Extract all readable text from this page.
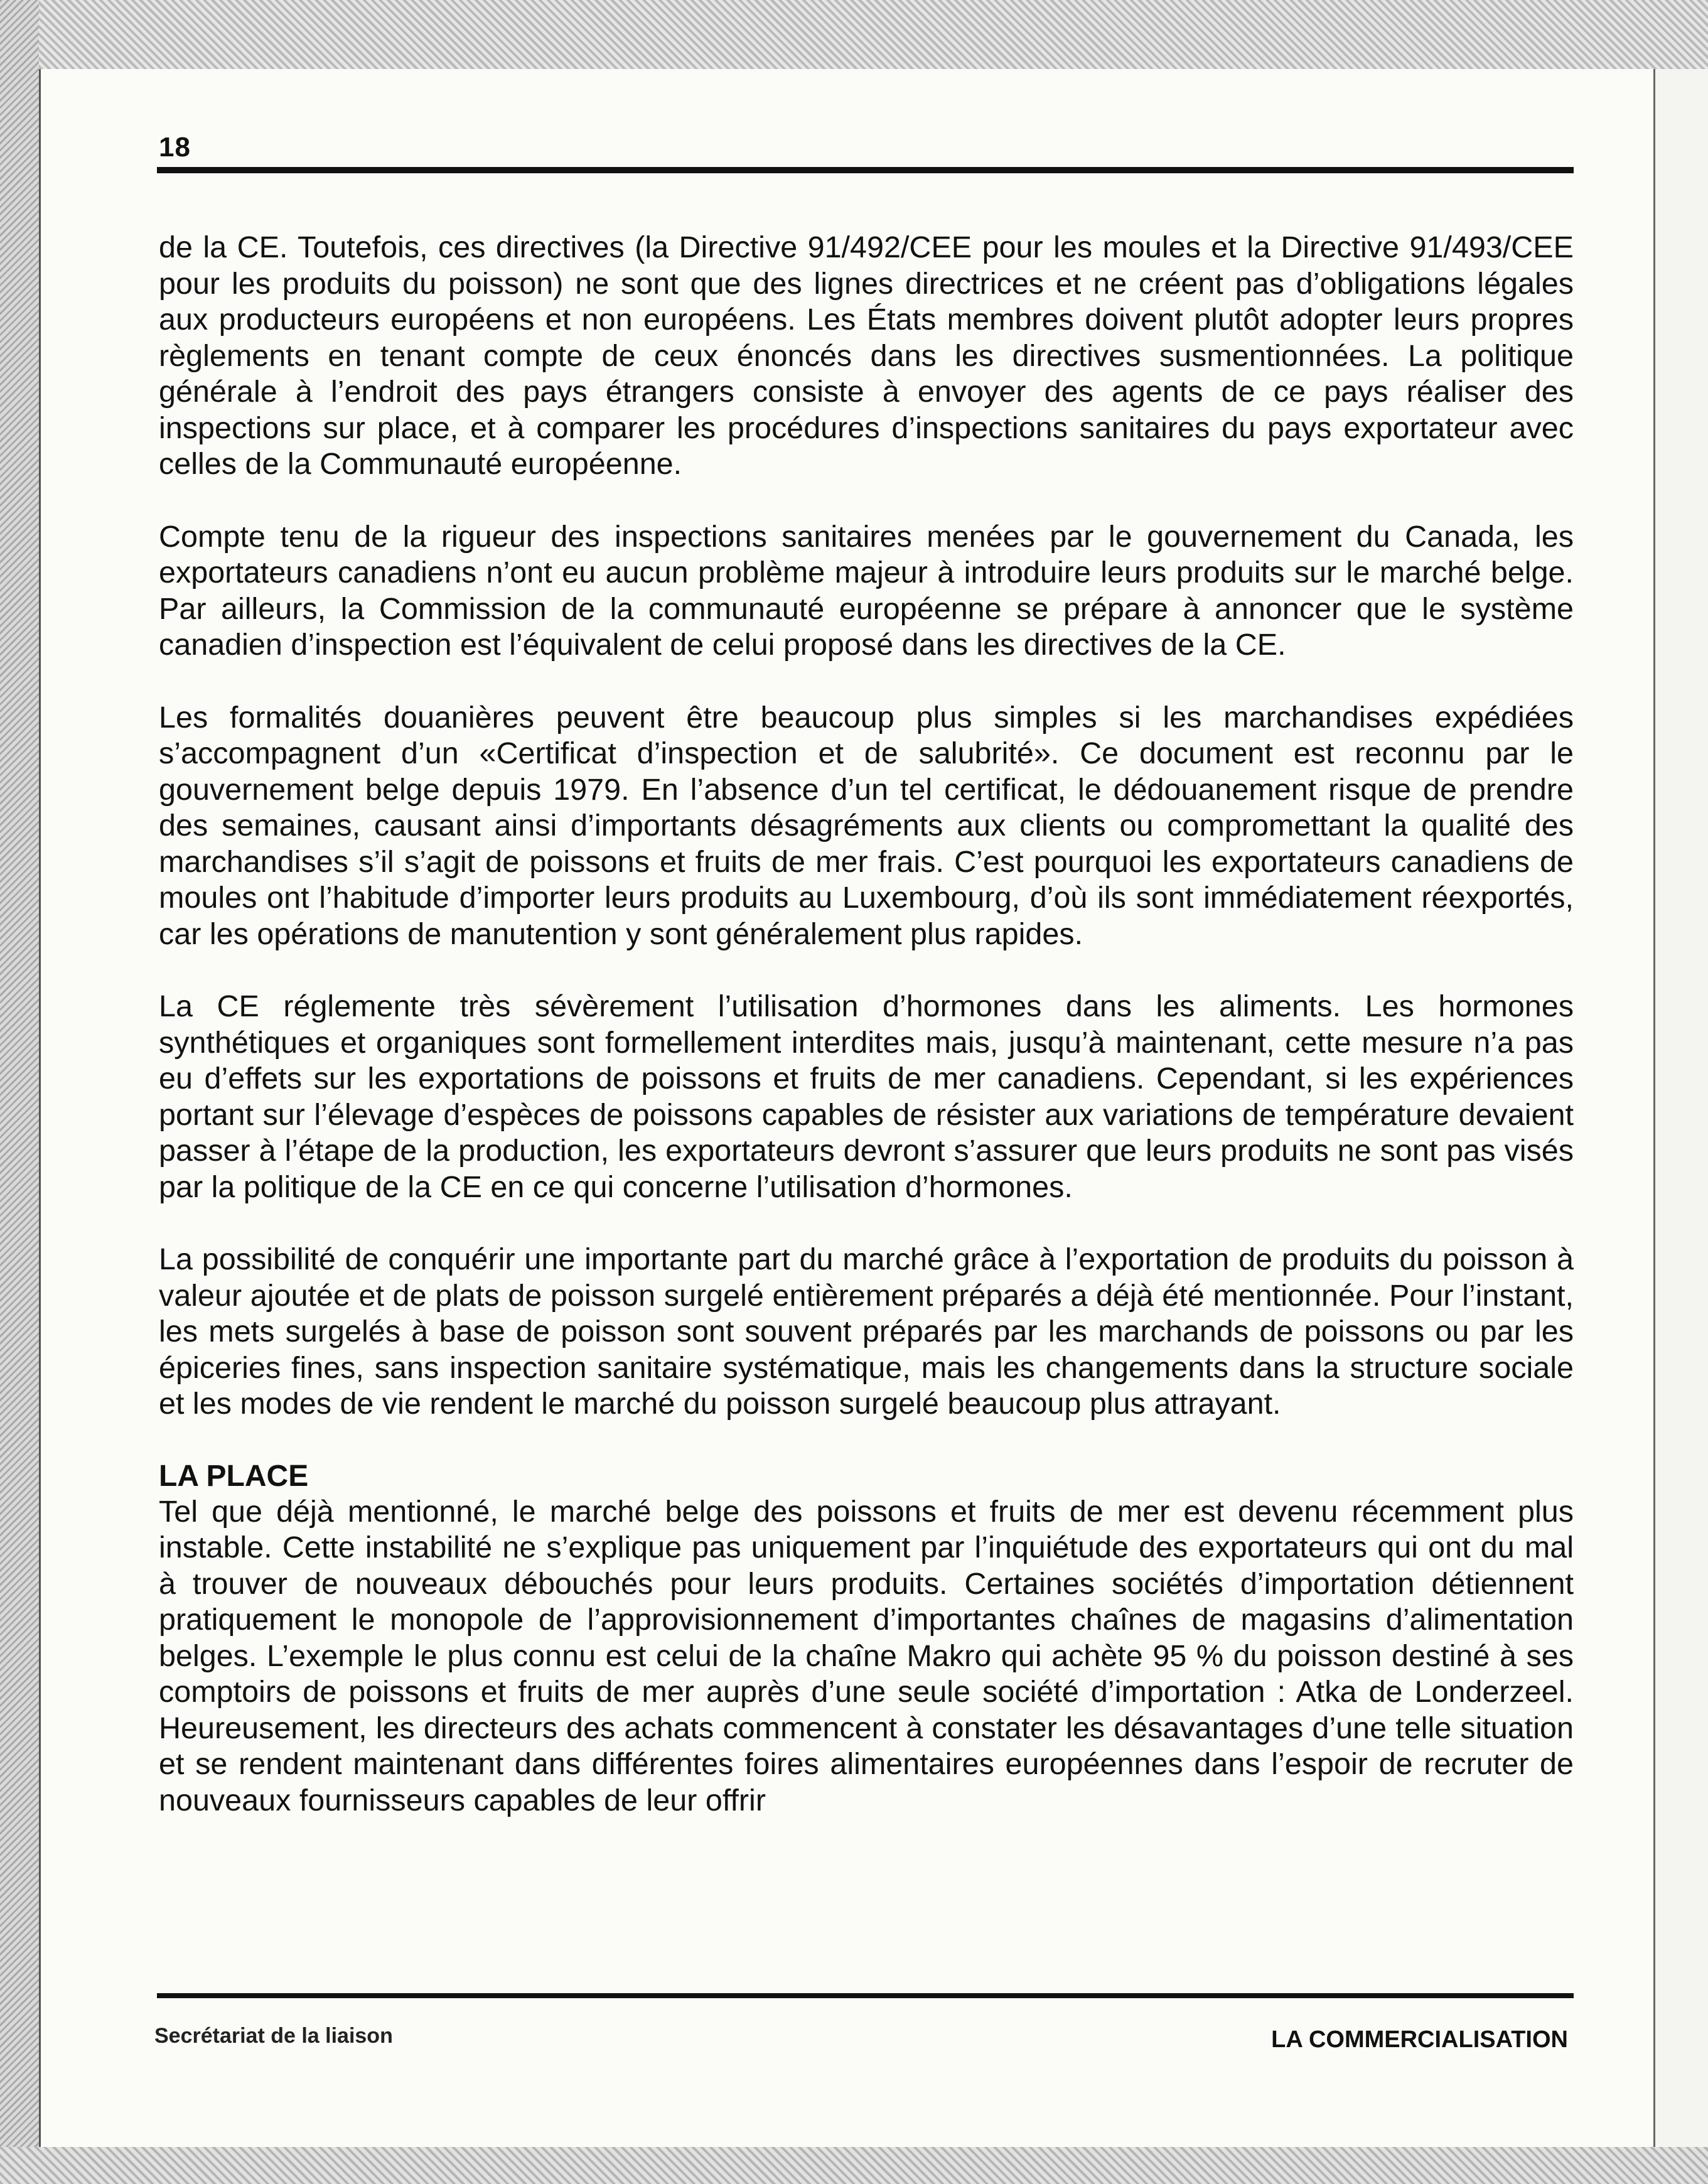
18

de la CE. Toutefois, ces directives (la Directive 91/492/CEE pour les moules et la Directive 91/493/CEE pour les produits du poisson) ne sont que des lignes directrices et ne créent pas d’obligations légales aux producteurs européens et non européens. Les États membres doivent plutôt adopter leurs propres règlements en tenant compte de ceux énoncés dans les directives susmentionnées. La politique générale à l’endroit des pays étrangers consiste à envoyer des agents de ce pays réaliser des inspections sur place, et à comparer les procédures d’inspections sanitaires du pays exportateur avec celles de la Communauté européenne.

Compte tenu de la rigueur des inspections sanitaires menées par le gouvernement du Canada, les exportateurs canadiens n’ont eu aucun problème majeur à introduire leurs produits sur le marché belge. Par ailleurs, la Commission de la communauté européenne se prépare à annoncer que le système canadien d’inspection est l’équivalent de celui proposé dans les directives de la CE.

Les formalités douanières peuvent être beaucoup plus simples si les marchandises expédiées s’accompagnent d’un «Certificat d’inspection et de salubrité». Ce document est reconnu par le gouvernement belge depuis 1979. En l’absence d’un tel certificat, le dédouanement risque de prendre des semaines, causant ainsi d’importants désagréments aux clients ou compromettant la qualité des marchandises s’il s’agit de poissons et fruits de mer frais. C’est pourquoi les exportateurs canadiens de moules ont l’habitude d’importer leurs produits au Luxembourg, d’où ils sont immédiatement réexportés, car les opérations de manutention y sont généralement plus rapides.

La CE réglemente très sévèrement l’utilisation d’hormones dans les aliments. Les hormones synthétiques et organiques sont formellement interdites mais, jusqu’à maintenant, cette mesure n’a pas eu d’effets sur les exportations de poissons et fruits de mer canadiens. Cependant, si les expériences portant sur l’élevage d’espèces de poissons capables de résister aux variations de température devaient passer à l’étape de la production, les exportateurs devront s’assurer que leurs produits ne sont pas visés par la politique de la CE en ce qui concerne l’utilisation d’hormones.

La possibilité de conquérir une importante part du marché grâce à l’exportation de produits du poisson à valeur ajoutée et de plats de poisson surgelé entièrement préparés a déjà été mentionnée. Pour l’instant, les mets surgelés à base de poisson sont souvent préparés par les marchands de poissons ou par les épiceries fines, sans inspection sanitaire systématique, mais les changements dans la structure sociale et les modes de vie rendent le marché du poisson surgelé beaucoup plus attrayant.

LA PLACE

Tel que déjà mentionné, le marché belge des poissons et fruits de mer est devenu récemment plus instable. Cette instabilité ne s’explique pas uniquement par l’inquiétude des exportateurs qui ont du mal à trouver de nouveaux débouchés pour leurs produits. Certaines sociétés d’importation détiennent pratiquement le monopole de l’approvisionnement d’importantes chaînes de magasins d’alimentation belges. L’exemple le plus connu est celui de la chaîne Makro qui achète 95 % du poisson destiné à ses comptoirs de poissons et fruits de mer auprès d’une seule société d’importation : Atka de Londerzeel. Heureusement, les directeurs des achats commencent à constater les désavantages d’une telle situation et se rendent maintenant dans différentes foires alimentaires européennes dans l’espoir de recruter de nouveaux fournisseurs capables de leur offrir

Secrétariat de la liaison	LA COMMERCIALISATION
